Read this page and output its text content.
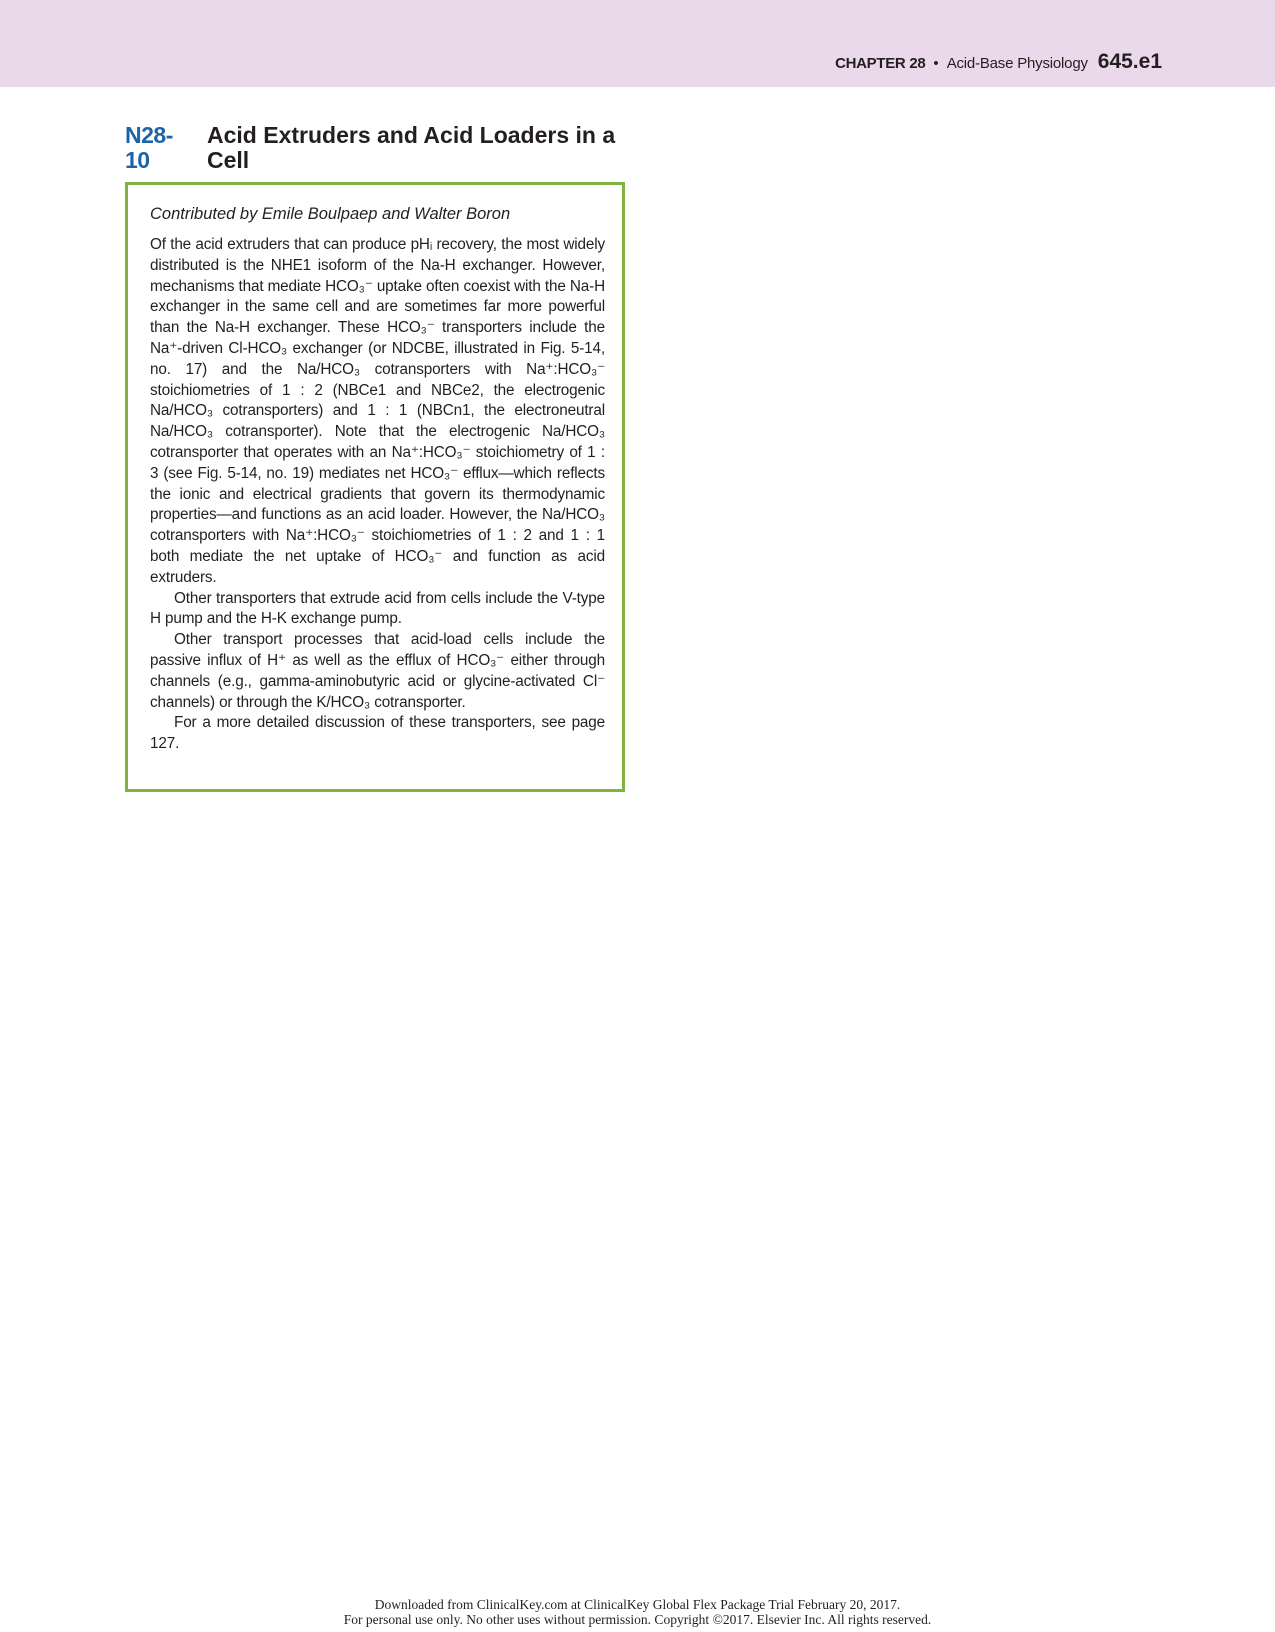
CHAPTER 28 • Acid-Base Physiology 645.e1
N28-10
Acid Extruders and Acid Loaders in a Cell
Contributed by Emile Boulpaep and Walter Boron

Of the acid extruders that can produce pHᵢ recovery, the most widely distributed is the NHE1 isoform of the Na-H exchanger. However, mechanisms that mediate HCO₃⁻ uptake often coexist with the Na-H exchanger in the same cell and are sometimes far more powerful than the Na-H exchanger. These HCO₃⁻ transporters include the Na⁺-driven Cl-HCO₃ exchanger (or NDCBE, illustrated in Fig. 5-14, no. 17) and the Na/HCO₃ cotransporters with Na⁺:HCO₃⁻ stoichiometries of 1 : 2 (NBCe1 and NBCe2, the electrogenic Na/HCO₃ cotransporters) and 1 : 1 (NBCn1, the electroneutral Na/HCO₃ cotransporter). Note that the electrogenic Na/HCO₃ cotransporter that operates with an Na⁺:HCO₃⁻ stoichiometry of 1 : 3 (see Fig. 5-14, no. 19) mediates net HCO₃⁻ efflux—which reflects the ionic and electrical gradients that govern its thermodynamic properties—and functions as an acid loader. However, the Na/HCO₃ cotransporters with Na⁺:HCO₃⁻ stoichiometries of 1 : 2 and 1 : 1 both mediate the net uptake of HCO₃⁻ and function as acid extruders.

Other transporters that extrude acid from cells include the V-type H pump and the H-K exchange pump.

Other transport processes that acid-load cells include the passive influx of H⁺ as well as the efflux of HCO₃⁻ either through channels (e.g., gamma-aminobutyric acid or glycine-activated Cl⁻ channels) or through the K/HCO₃ cotransporter.

For a more detailed discussion of these transporters, see page 127.

Downloaded from ClinicalKey.com at ClinicalKey Global Flex Package Trial February 20, 2017.
For personal use only. No other uses without permission. Copyright ©2017. Elsevier Inc. All rights reserved.
